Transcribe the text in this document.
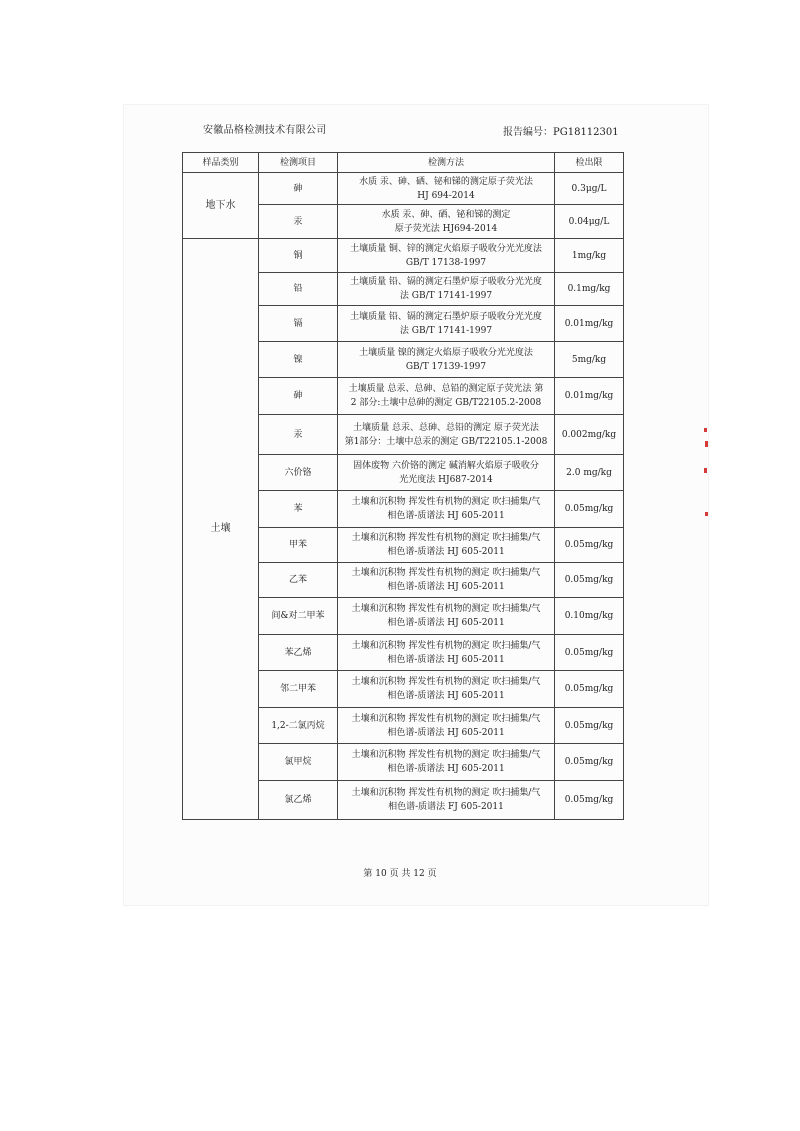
安徽品格检测技术有限公司	报告编号：PG18112301
样品类别	检测项目	检测方法	检出限
地下水	砷	水质 汞、砷、硒、铋和锑的测定原子荧光法
HJ 694-2014	0.3μg/L
	汞	水质 汞、砷、硒、铋和锑的测定
原子荧光法 HJ694-2014	0.04μg/L
土壤	铜	土壤质量 铜、锌的测定火焰原子吸收分光光度法
GB/T 17138-1997	1mg/kg
	铅	土壤质量 铅、镉的测定石墨炉原子吸收分光光度
法 GB/T 17141-1997	0.1mg/kg
	镉	土壤质量 铅、镉的测定石墨炉原子吸收分光光度
法 GB/T 17141-1997	0.01mg/kg
	镍	土壤质量 镍的测定火焰原子吸收分光光度法
GB/T 17139-1997	5mg/kg
	砷	土壤质量 总汞、总砷、总铅的测定原子荧光法 第
2 部分:土壤中总砷的测定 GB/T22105.2-2008	0.01mg/kg
	汞	土壤质量 总汞、总砷、总铅的测定 原子荧光法
第1部分：土壤中总汞的测定 GB/T22105.1-2008	0.002mg/kg
	六价铬	固体废物 六价铬的测定 碱消解火焰原子吸收分
光光度法 HJ687-2014	2.0 mg/kg
	苯	土壤和沉积物 挥发性有机物的测定 吹扫捕集/气
相色谱-质谱法 HJ 605-2011	0.05mg/kg
	甲苯	土壤和沉积物 挥发性有机物的测定 吹扫捕集/气
相色谱-质谱法 HJ 605-2011	0.05mg/kg
	乙苯	土壤和沉积物 挥发性有机物的测定 吹扫捕集/气
相色谱-质谱法 HJ 605-2011	0.05mg/kg
	间&对二甲苯	土壤和沉积物 挥发性有机物的测定 吹扫捕集/气
相色谱-质谱法 HJ 605-2011	0.10mg/kg
	苯乙烯	土壤和沉积物 挥发性有机物的测定 吹扫捕集/气
相色谱-质谱法 HJ 605-2011	0.05mg/kg
	邻二甲苯	土壤和沉积物 挥发性有机物的测定 吹扫捕集/气
相色谱-质谱法 HJ 605-2011	0.05mg/kg
	1,2-二氯丙烷	土壤和沉积物 挥发性有机物的测定 吹扫捕集/气
相色谱-质谱法 HJ 605-2011	0.05mg/kg
	氯甲烷	土壤和沉积物 挥发性有机物的测定 吹扫捕集/气
相色谱-质谱法 HJ 605-2011	0.05mg/kg
	氯乙烯	土壤和沉积物 挥发性有机物的测定 吹扫捕集/气
相色谱-质谱法 FJ 605-2011	0.05mg/kg
第 10 页 共 12 页
